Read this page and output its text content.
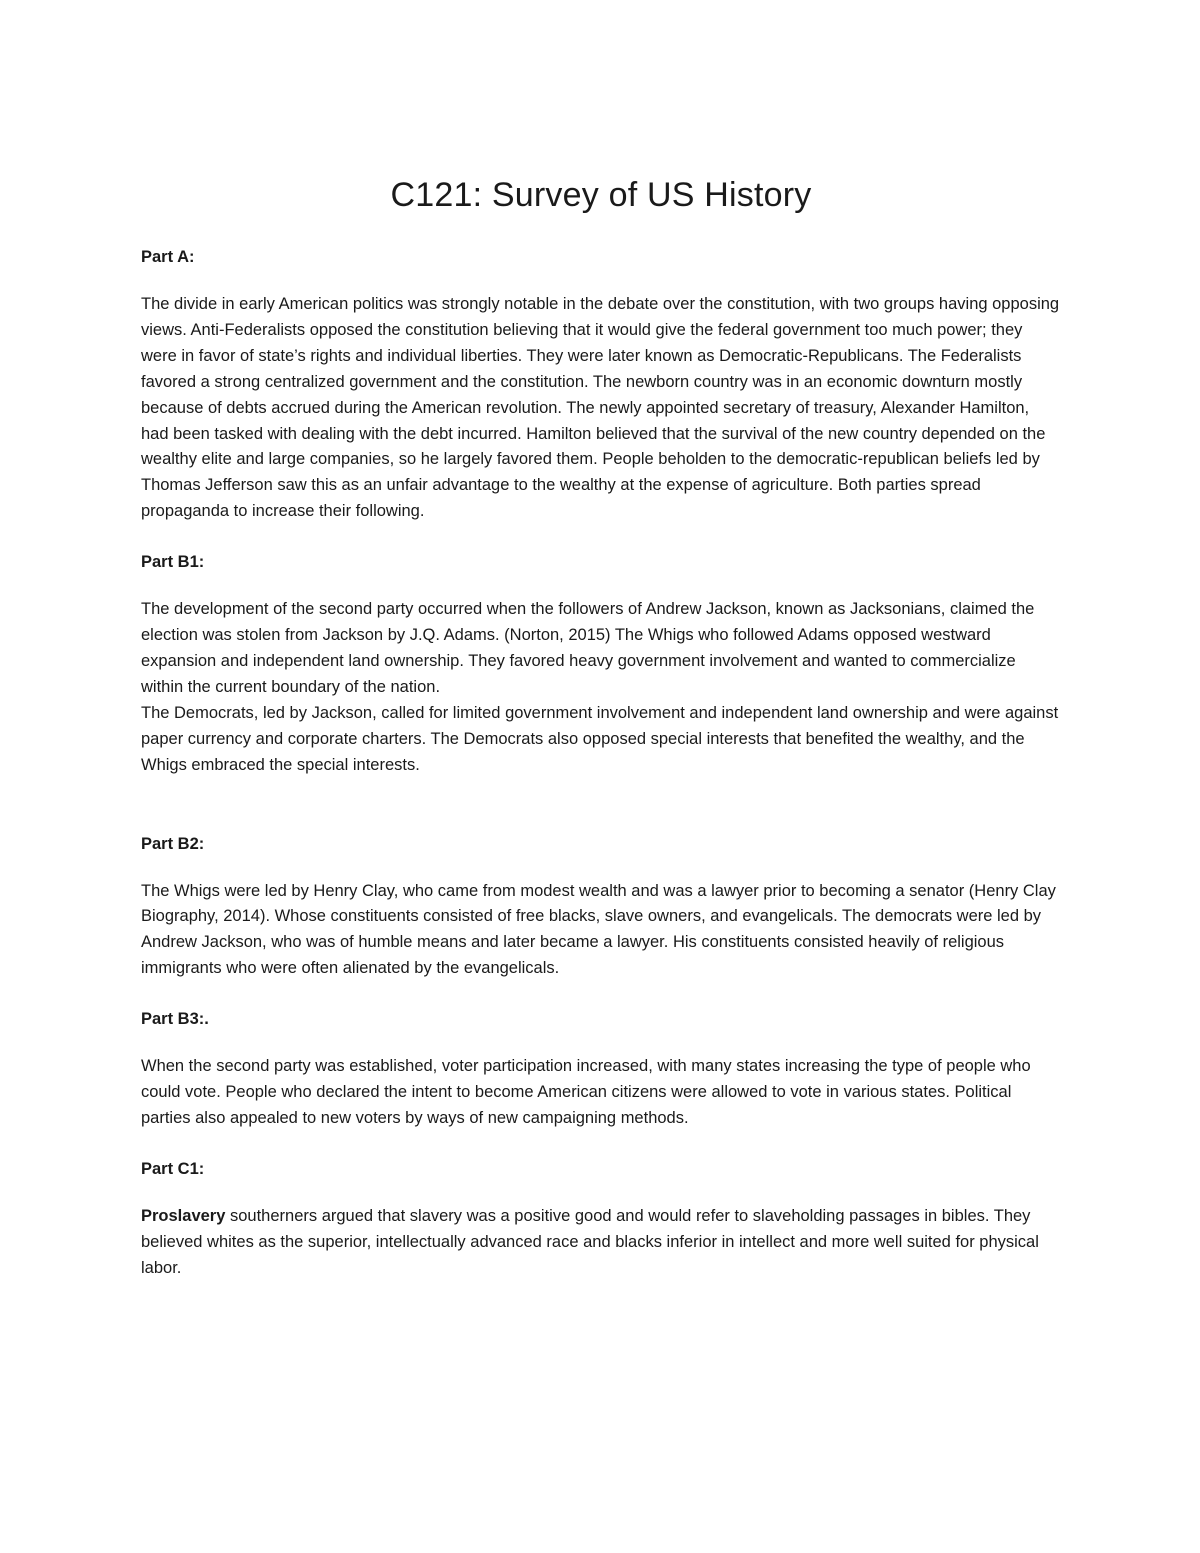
C121: Survey of US History
Part A:

The divide in early American politics was strongly notable in the debate over the constitution, with two groups having opposing views. Anti-Federalists opposed the constitution believing that it would give the federal government too much power; they were in favor of state’s rights and individual liberties. They were later known as Democratic-Republicans. The Federalists favored a strong centralized government and the constitution. The newborn country was in an economic downturn mostly because of debts accrued during the American revolution. The newly appointed secretary of treasury, Alexander Hamilton, had been tasked with dealing with the debt incurred. Hamilton believed that the survival of the new country depended on the wealthy elite and large companies, so he largely favored them. People beholden to the democratic-republican beliefs led by Thomas Jefferson saw this as an unfair advantage to the wealthy at the expense of agriculture. Both parties spread propaganda to increase their following.

Part B1:

The development of the second party occurred when the followers of Andrew Jackson, known as Jacksonians, claimed the election was stolen from Jackson by J.Q. Adams. (Norton, 2015) The Whigs who followed Adams opposed westward expansion and independent land ownership. They favored heavy government involvement and wanted to commercialize within the current boundary of the nation.

The Democrats, led by Jackson, called for limited government involvement and independent land ownership and were against paper currency and corporate charters. The Democrats also opposed special interests that benefited the wealthy, and the Whigs embraced the special interests.

Part B2:

The Whigs were led by Henry Clay, who came from modest wealth and was a lawyer prior to becoming a senator (Henry Clay Biography, 2014). Whose constituents consisted of free blacks, slave owners, and evangelicals. The democrats were led by Andrew Jackson, who was of humble means and later became a lawyer. His constituents consisted heavily of religious immigrants who were often alienated by the evangelicals.

Part B3:.

When the second party was established, voter participation increased, with many states increasing the type of people who could vote. People who declared the intent to become American citizens were allowed to vote in various states. Political parties also appealed to new voters by ways of new campaigning methods.

Part C1:

Proslavery southerners argued that slavery was a positive good and would refer to slaveholding passages in bibles. They believed whites as the superior, intellectually advanced race and blacks inferior in intellect and more well suited for physical labor.
